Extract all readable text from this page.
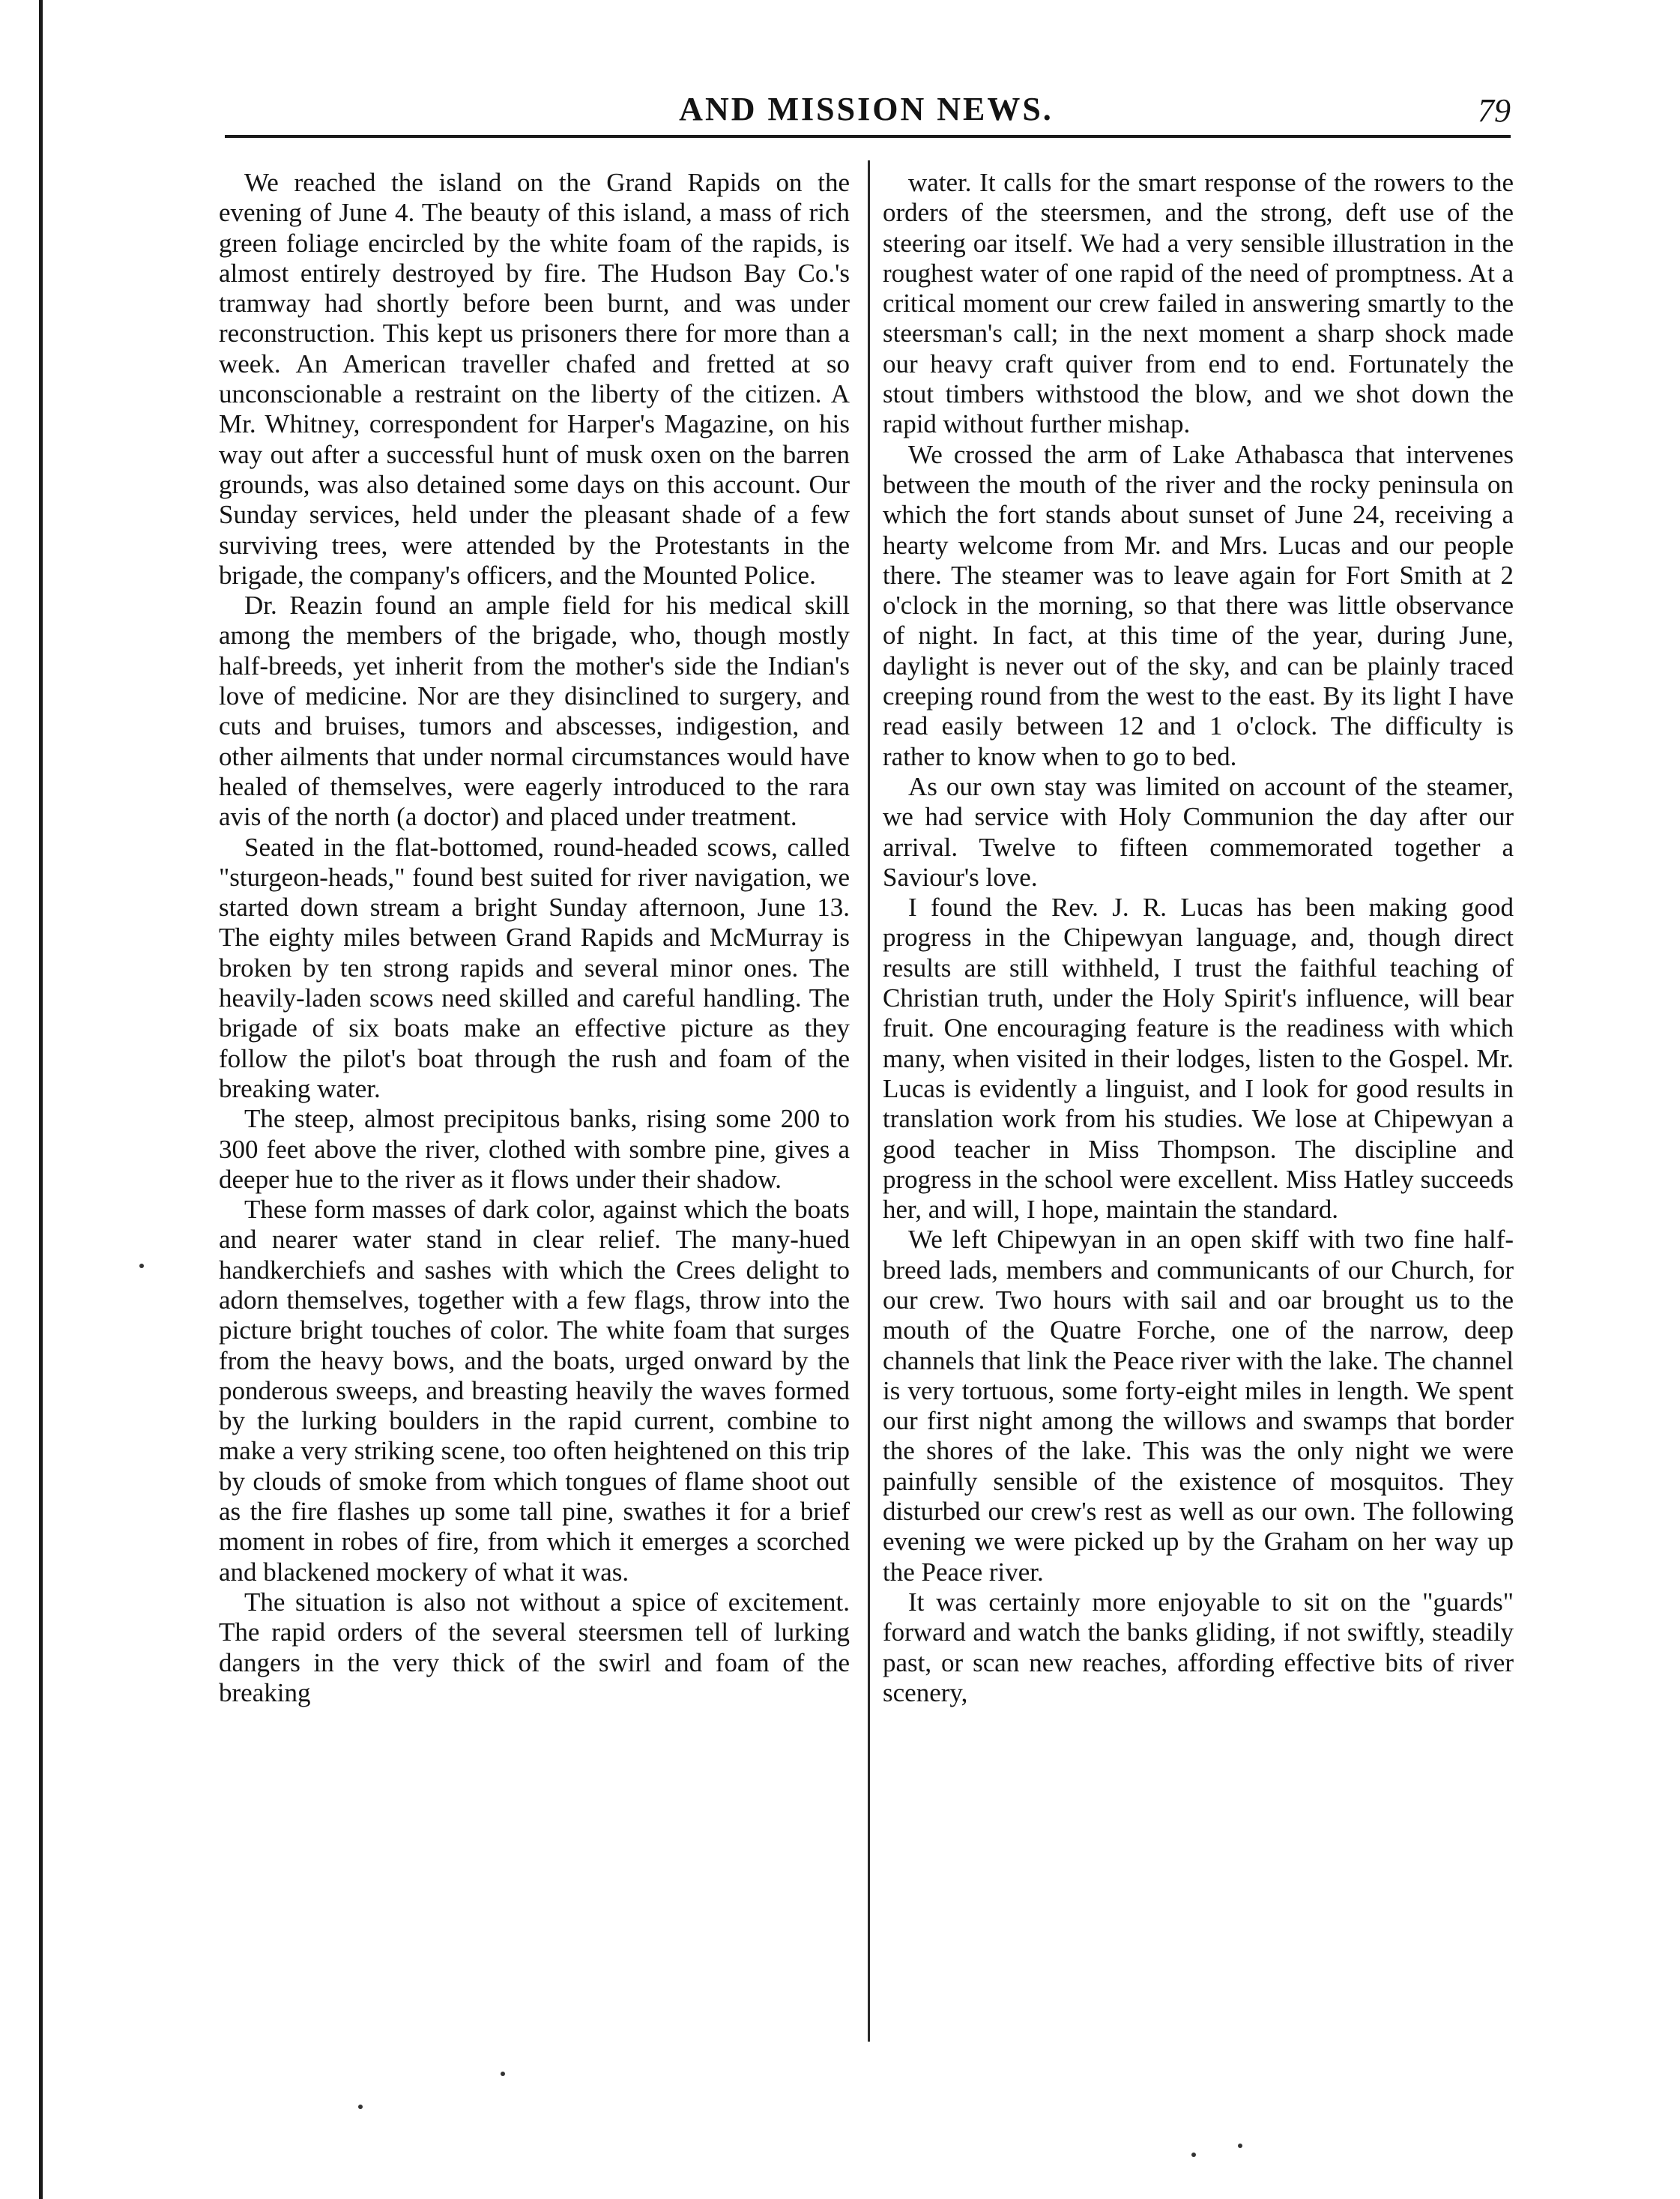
AND MISSION NEWS.	79

We reached the island on the Grand Rapids on the evening of June 4. The beauty of this island, a mass of rich green foliage encircled by the white foam of the rapids, is almost entirely destroyed by fire. The Hudson Bay Co.'s tramway had shortly before been burnt, and was under reconstruction. This kept us prisoners there for more than a week. An American traveller chafed and fretted at so unconscionable a restraint on the liberty of the citizen. A Mr. Whitney, correspondent for Harper's Magazine, on his way out after a successful hunt of musk oxen on the barren grounds, was also detained some days on this account. Our Sunday services, held under the pleasant shade of a few surviving trees, were attended by the Protestants in the brigade, the company's officers, and the Mounted Police.

Dr. Reazin found an ample field for his medical skill among the members of the brigade, who, though mostly half-breeds, yet inherit from the mother's side the Indian's love of medicine. Nor are they disinclined to surgery, and cuts and bruises, tumors and abscesses, indigestion, and other ailments that under normal circumstances would have healed of themselves, were eagerly introduced to the rara avis of the north (a doctor) and placed under treatment.

Seated in the flat-bottomed, round-headed scows, called "sturgeon-heads," found best suited for river navigation, we started down stream a bright Sunday afternoon, June 13. The eighty miles between Grand Rapids and McMurray is broken by ten strong rapids and several minor ones. The heavily-laden scows need skilled and careful handling. The brigade of six boats make an effective picture as they follow the pilot's boat through the rush and foam of the breaking water.

The steep, almost precipitous banks, rising some 200 to 300 feet above the river, clothed with sombre pine, gives a deeper hue to the river as it flows under their shadow.

These form masses of dark color, against which the boats and nearer water stand in clear relief. The many-hued handkerchiefs and sashes with which the Crees delight to adorn themselves, together with a few flags, throw into the picture bright touches of color. The white foam that surges from the heavy bows, and the boats, urged onward by the ponderous sweeps, and breasting heavily the waves formed by the lurking boulders in the rapid current, combine to make a very striking scene, too often heightened on this trip by clouds of smoke from which tongues of flame shoot out as the fire flashes up some tall pine, swathes it for a brief moment in robes of fire, from which it emerges a scorched and blackened mockery of what it was.

The situation is also not without a spice of excitement. The rapid orders of the several steersmen tell of lurking dangers in the very thick of the swirl and foam of the breaking

water. It calls for the smart response of the rowers to the orders of the steersmen, and the strong, deft use of the steering oar itself. We had a very sensible illustration in the roughest water of one rapid of the need of promptness. At a critical moment our crew failed in answering smartly to the steersman's call; in the next moment a sharp shock made our heavy craft quiver from end to end. Fortunately the stout timbers withstood the blow, and we shot down the rapid without further mishap.

We crossed the arm of Lake Athabasca that intervenes between the mouth of the river and the rocky peninsula on which the fort stands about sunset of June 24, receiving a hearty welcome from Mr. and Mrs. Lucas and our people there. The steamer was to leave again for Fort Smith at 2 o'clock in the morning, so that there was little observance of night. In fact, at this time of the year, during June, daylight is never out of the sky, and can be plainly traced creeping round from the west to the east. By its light I have read easily between 12 and 1 o'clock. The difficulty is rather to know when to go to bed.

As our own stay was limited on account of the steamer, we had service with Holy Communion the day after our arrival. Twelve to fifteen commemorated together a Saviour's love.

I found the Rev. J. R. Lucas has been making good progress in the Chipewyan language, and, though direct results are still withheld, I trust the faithful teaching of Christian truth, under the Holy Spirit's influence, will bear fruit. One encouraging feature is the readiness with which many, when visited in their lodges, listen to the Gospel. Mr. Lucas is evidently a linguist, and I look for good results in translation work from his studies. We lose at Chipewyan a good teacher in Miss Thompson. The discipline and progress in the school were excellent. Miss Hatley succeeds her, and will, I hope, maintain the standard.

We left Chipewyan in an open skiff with two fine half-breed lads, members and communicants of our Church, for our crew. Two hours with sail and oar brought us to the mouth of the Quatre Forche, one of the narrow, deep channels that link the Peace river with the lake. The channel is very tortuous, some forty-eight miles in length. We spent our first night among the willows and swamps that border the shores of the lake. This was the only night we were painfully sensible of the existence of mosquitos. They disturbed our crew's rest as well as our own. The following evening we were picked up by the Graham on her way up the Peace river.

It was certainly more enjoyable to sit on the "guards" forward and watch the banks gliding, if not swiftly, steadily past, or scan new reaches, affording effective bits of river scenery,
